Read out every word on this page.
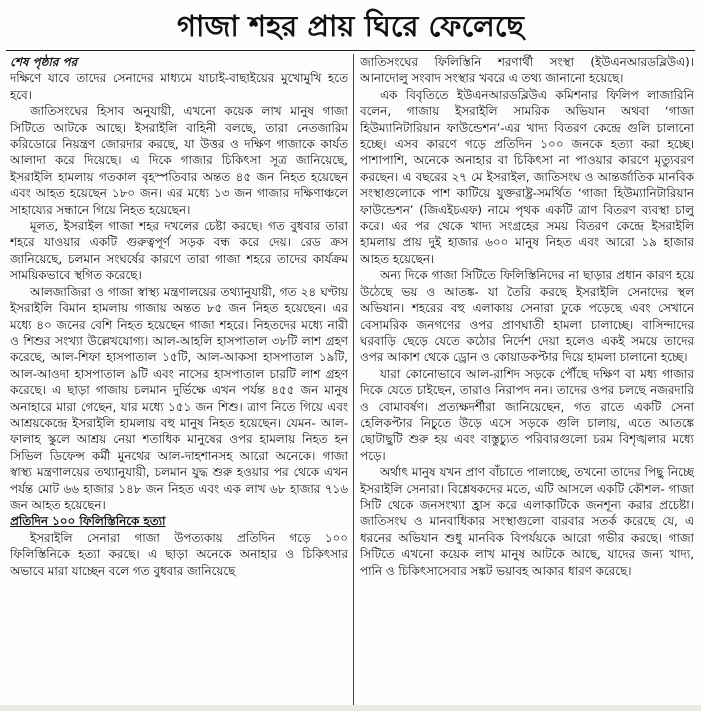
গাজা শহর প্রায় ঘিরে ফেলেছে

শেষ পৃষ্ঠার পর

দক্ষিণে যাবে তাদের সেনাদের মাধ্যমে যাচাই-বাছাইয়ের মুখোমুখি হতে হবে।

জাতিসংঘের হিসাব অনুযায়ী, এখনো কয়েক লাখ মানুষ গাজা সিটিতে আটকে আছে। ইসরাইলি বাহিনী বলছে, তারা নেতজারিম করিডোরে নিয়ন্ত্রণ জোরদার করছে, যা উত্তর ও দক্ষিণ গাজাকে কার্যত আলাদা করে দিয়েছে। এ দিকে গাজার চিকিৎসা সূত্র জানিয়েছে, ইসরাইলি হামলায় গতকাল বৃহস্পতিবার অন্তত ৪৫ জন নিহত হয়েছেন এবং আহত হয়েছেন ১৮০ জন। এর মধ্যে ১৩ জন গাজার দক্ষিণাঞ্চলে সাহায্যের সন্ধানে গিয়ে নিহত হয়েছেন।

মূলত, ইসরাইল গাজা শহর দখলের চেষ্টা করছে। গত বুধবার তারা শহরে যাওয়ার একটি গুরুত্বপূর্ণ সড়ক বন্ধ করে দেয়। রেড ক্রস জানিয়েছে, চলমান সংঘর্ষের কারণে তারা গাজা শহরে তাদের কার্যক্রম সাময়িকভাবে স্থগিত করেছে।

আলজাজিরা ও গাজা স্বাস্থ্য মন্ত্রণালয়ের তথ্যানুযায়ী, গত ২৪ ঘণ্টায় ইসরাইলি বিমান হামলায় গাজায় অন্তত ৮৫ জন নিহত হয়েছেন। এর মধ্যে ৪০ জনের বেশি নিহত হয়েছেন গাজা শহরে। নিহতদের মধ্যে নারী ও শিশুর সংখ্যা উল্লেখযোগ্য। আল-আহলি হাসপাতাল ৩৮টি লাশ গ্রহণ করেছে, আল-শিফা হাসপাতাল ১৫টি, আল-আকসা হাসপাতাল ১৯টি, আল-আওদা হাসপাতাল ৯টি এবং নাসের হাসপাতাল চারটি লাশ গ্রহণ করেছে। এ ছাড়া গাজায় চলমান দুর্ভিক্ষে এখন পর্যন্ত ৪৫৫ জন মানুষ অনাহারে মারা গেছেন, যার মধ্যে ১৫১ জন শিশু। ত্রাণ নিতে গিয়ে এবং আশ্রয়কেন্দ্রে ইসরাইলি হামলায় বহু মানুষ নিহত হয়েছেন। যেমন- আল-ফালাহ স্কুলে আশ্রয় নেয়া শতাধিক মানুষের ওপর হামলায় নিহত হন সিভিল ডিফেন্স কর্মী মুনথের আল-দাহশানসহ আরো অনেকে। গাজা স্বাস্থ্য মন্ত্রণালয়ের তথ্যানুযায়ী, চলমান যুদ্ধ শুরু হওয়ার পর থেকে এখন পর্যন্ত মোট ৬৬ হাজার ১৪৮ জন নিহত এবং এক লাখ ৬৮ হাজার ৭১৬ জন আহত হয়েছেন।

প্রতিদিন ১০০ ফিলিস্তিনিকে হত্যা

ইসরাইলি সেনারা গাজা উপত্যকায় প্রতিদিন গড়ে ১০০ ফিলিস্তিনিকে হত্যা করছে। এ ছাড়া অনেকে অনাহার ও চিকিৎসার অভাবে মারা যাচ্ছেন বলে গত বুধবার জানিয়েছে

জাতিসংঘের ফিলিস্তিনি শরণার্থী সংস্থা (ইউএনআরডব্লিউএ)। আনাদোলু সংবাদ সংস্থার খবরে এ তথ্য জানানো হয়েছে।

এক বিবৃতিতে ইউএনআরডব্লিউএ কমিশনার ফিলিপ লাজারিনি বলেন, গাজায় ইসরাইলি সামরিক অভিযান অথবা ‘গাজা হিউম্যানিটারিয়ান ফাউন্ডেশন’-এর খাদ্য বিতরণ কেন্দ্রে গুলি চালানো হচ্ছে। এসব কারণে গড়ে প্রতিদিন ১০০ জনকে হত্যা করা হচ্ছে। পাশাপাশি, অনেকে অনাহার বা চিকিৎসা না পাওয়ার কারণে মৃত্যুবরণ করছেন। এ বছরের ২৭ মে ইসরাইল, জাতিসংঘ ও আন্তর্জাতিক মানবিক সংস্থাগুলোকে পাশ কাটিয়ে যুক্তরাষ্ট্র-সমর্থিত ‘গাজা হিউম্যানিটারিয়ান ফাউন্ডেশন’ (জিএইচএফ) নামে পৃথক একটি ত্রাণ বিতরণ ব্যবস্থা চালু করে। এর পর থেকে খাদ্য সংগ্রহের সময় বিতরণ কেন্দ্রে ইসরাইলি হামলায় প্রায় দুই হাজার ৬০০ মানুষ নিহত এবং আরো ১৯ হাজার আহত হয়েছেন।

অন্য দিকে গাজা সিটিতে ফিলিস্তিনিদের না ছাড়ার প্রধান কারণ হয়ে উঠেছে ভয় ও আতঙ্ক- যা তৈরি করছে ইসরাইলি সেনাদের স্থল অভিযান। শহরের বহু এলাকায় সেনারা ঢুকে পড়েছে এবং সেখানে বেসামরিক জনগণের ওপর প্রাণঘাতী হামলা চালাচ্ছে। বাসিন্দাদের ঘরবাড়ি ছেড়ে যেতে কঠোর নির্দেশ দেয়া হলেও একই সময়ে তাদের ওপর আকাশ থেকে ড্রোন ও কোয়াডকপ্টার দিয়ে হামলা চালানো হচ্ছে।

যারা কোনোভাবে আল-রাশিদ সড়কে পৌঁছে দক্ষিণ বা মধ্য গাজার দিকে যেতে চাইছেন, তারাও নিরাপদ নন। তাদের ওপর চলছে নজরদারি ও বোমাবর্ষণ। প্রত্যক্ষদর্শীরা জানিয়েছেন, গত রাতে একটি সেনা হেলিকপ্টার নিচুতে উড়ে এসে সড়কে গুলি চালায়, এতে আতঙ্কে ছোটাছুটি শুরু হয় এবং বাস্তুচ্যুত পরিবারগুলো চরম বিশৃঙ্খলার মধ্যে পড়ে।

অর্থাৎ মানুষ যখন প্রাণ বাঁচাতে পালাচ্ছে, তখনো তাদের পিছু নিচ্ছে ইসরাইলি সেনারা। বিশ্লেষকদের মতে, এটি আসলে একটি কৌশল- গাজা সিটি থেকে জনসংখ্যা হ্রাস করে এলাকাটিকে জনশূন্য করার প্রচেষ্টা। জাতিসংঘ ও মানবাধিকার সংস্থাগুলো বারবার সতর্ক করেছে যে, এ ধরনের অভিযান শুধু মানবিক বিপর্যয়কে আরো গভীর করছে। গাজা সিটিতে এখনো কয়েক লাখ মানুষ আটকে আছে, যাদের জন্য খাদ্য, পানি ও চিকিৎসাসেবার সঙ্কট ভয়াবহ আকার ধারণ করেছে।
